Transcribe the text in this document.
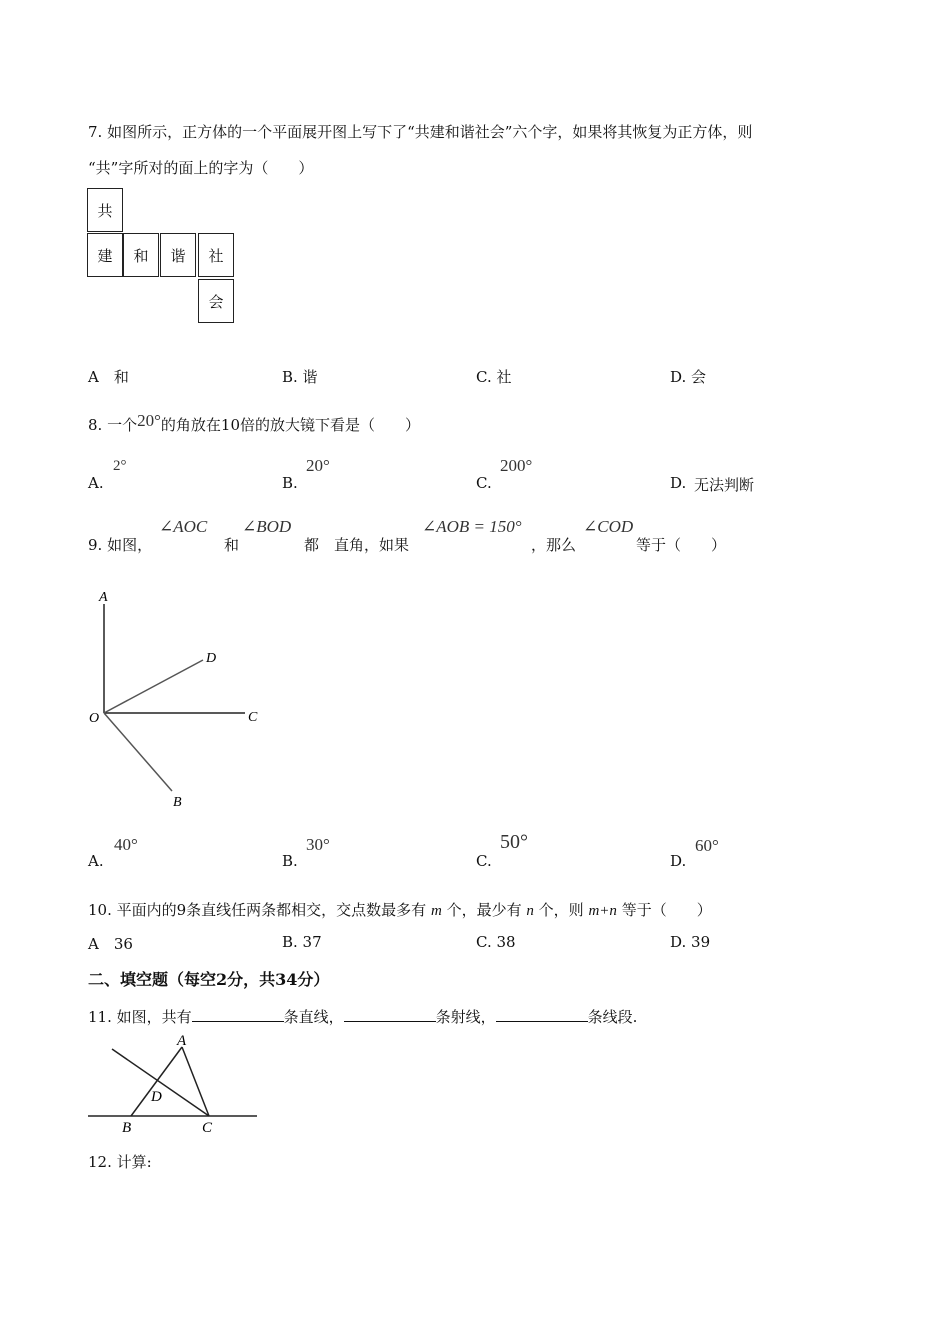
7. 如图所示，正方体的一个平面展开图上写下了“共建和谐社会”六个字，如果将其恢复为正方体，则
“共”字所对的面上的字为（　　）
共
建	和	谐	社
会
A　和	B. 谐	C. 社	D. 会
8. 一个20°的角放在10倍的放大镜下看是（　　）
A.
2°
B.
20°
C.
200°
D. 无法判断
9. 如图，
∠AOC
和
∠BOD
都　直角，如果
∠AOB = 150°
，那么
∠COD
等于（　　）
A
D
O	C
B
A.
40°
B.
30°
C.
50°
D.
60°
10. 平面内的9条直线任两条都相交，交点数最多有 m 个，最少有 n 个，则 m+n 等于（　　）
A　36	B. 37	C. 38	D. 39
二、填空题（每空2分，共34分）
11. 如图，共有	条直线，	条射线，	条线段.
A
D
B	C
12. 计算:
